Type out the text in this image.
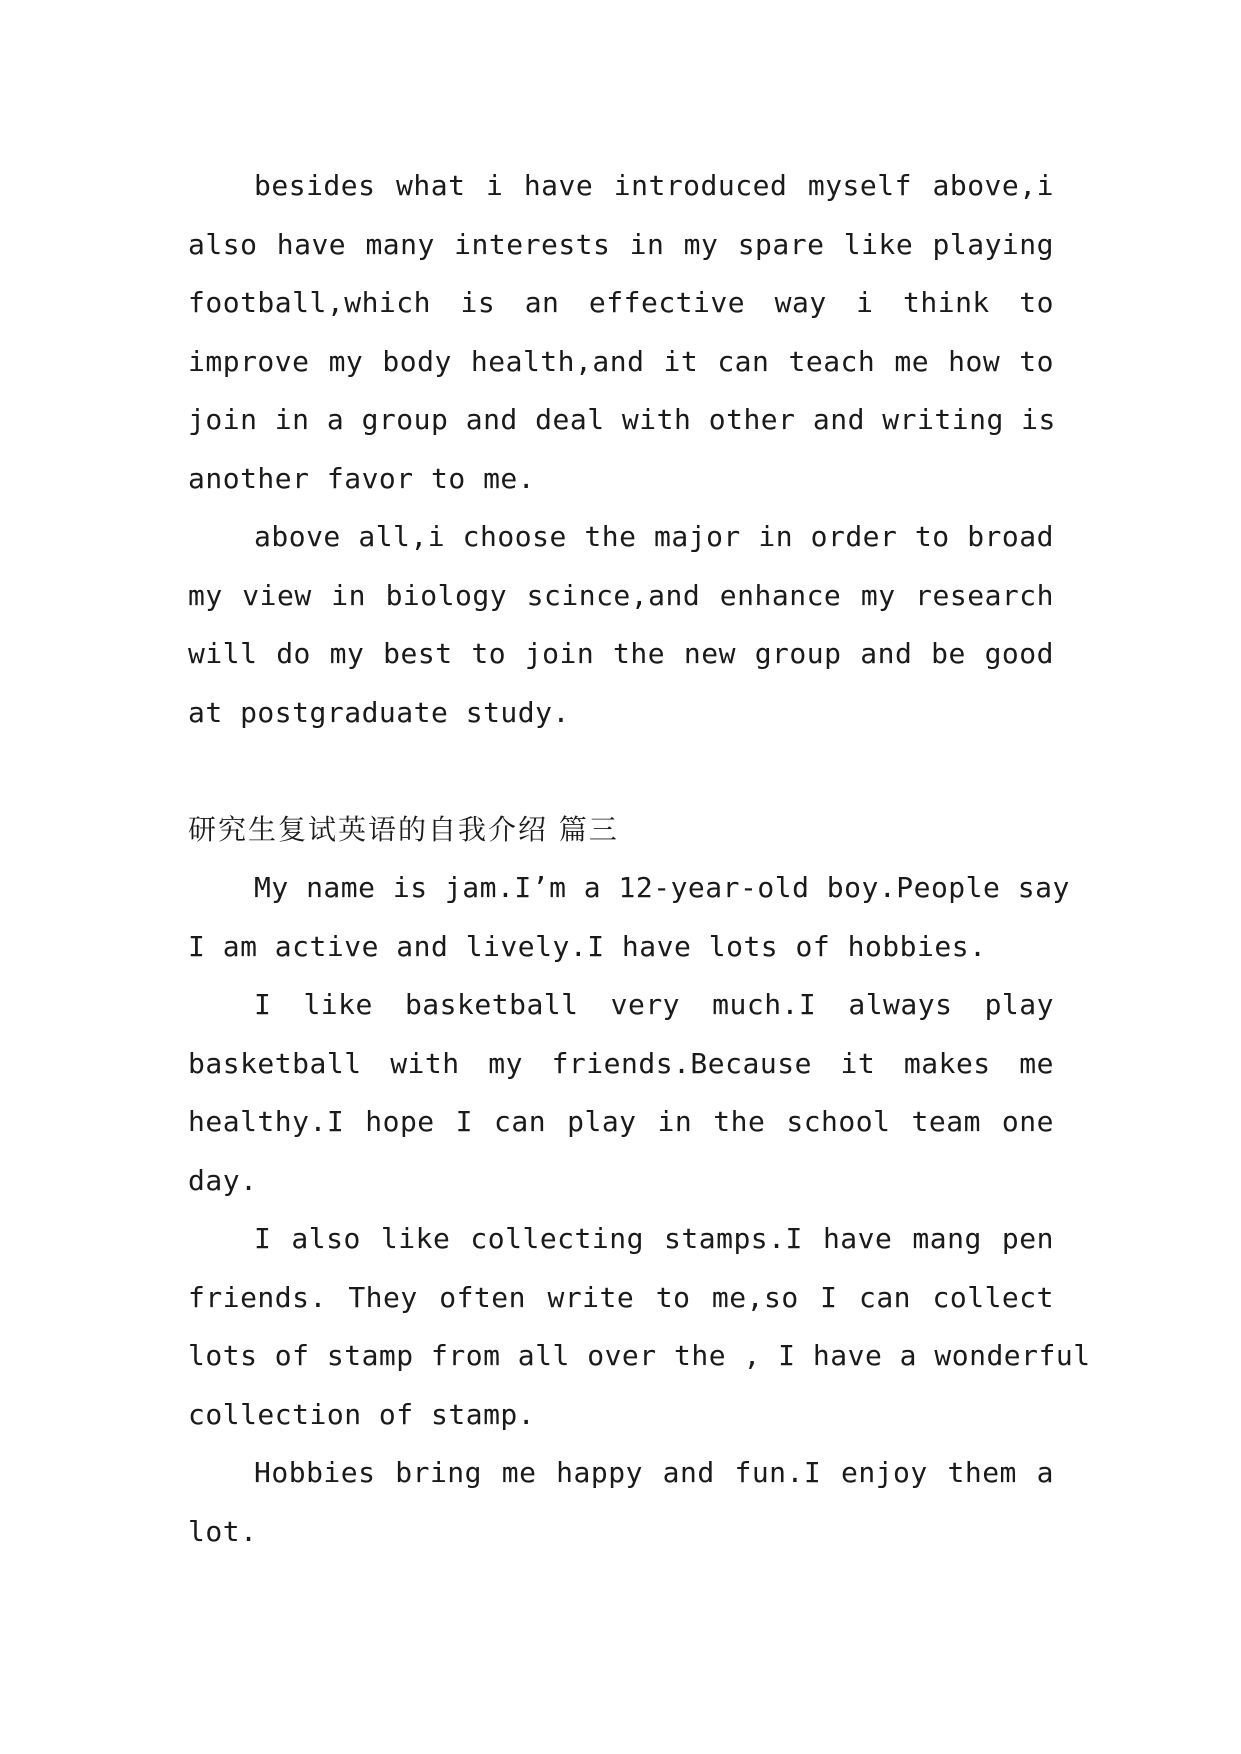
besides what i have introduced myself above,i
also have many interests in my spare like playing
football,which is an effective way i think to
improve my body health,and it can teach me how to
join in a group and deal with other and writing is
another favor to me.
above all,i choose the major in order to broad
my view in biology scince,and enhance my research
will do my best to join the new group and be good
at postgraduate study.
研究生复试英语的自我介绍 篇三
My name is jam.I’m a 12-year-old boy.People say
I am active and lively.I have lots of hobbies.
I like basketball very much.I always play
basketball with my friends.Because it makes me
healthy.I hope I can play in the school team one
day.
I also like collecting stamps.I have mang pen
friends. They often write to me,so I can collect
lots of stamp from all over the , I have a wonderful
collection of stamp.
Hobbies bring me happy and fun.I enjoy them a
lot.
